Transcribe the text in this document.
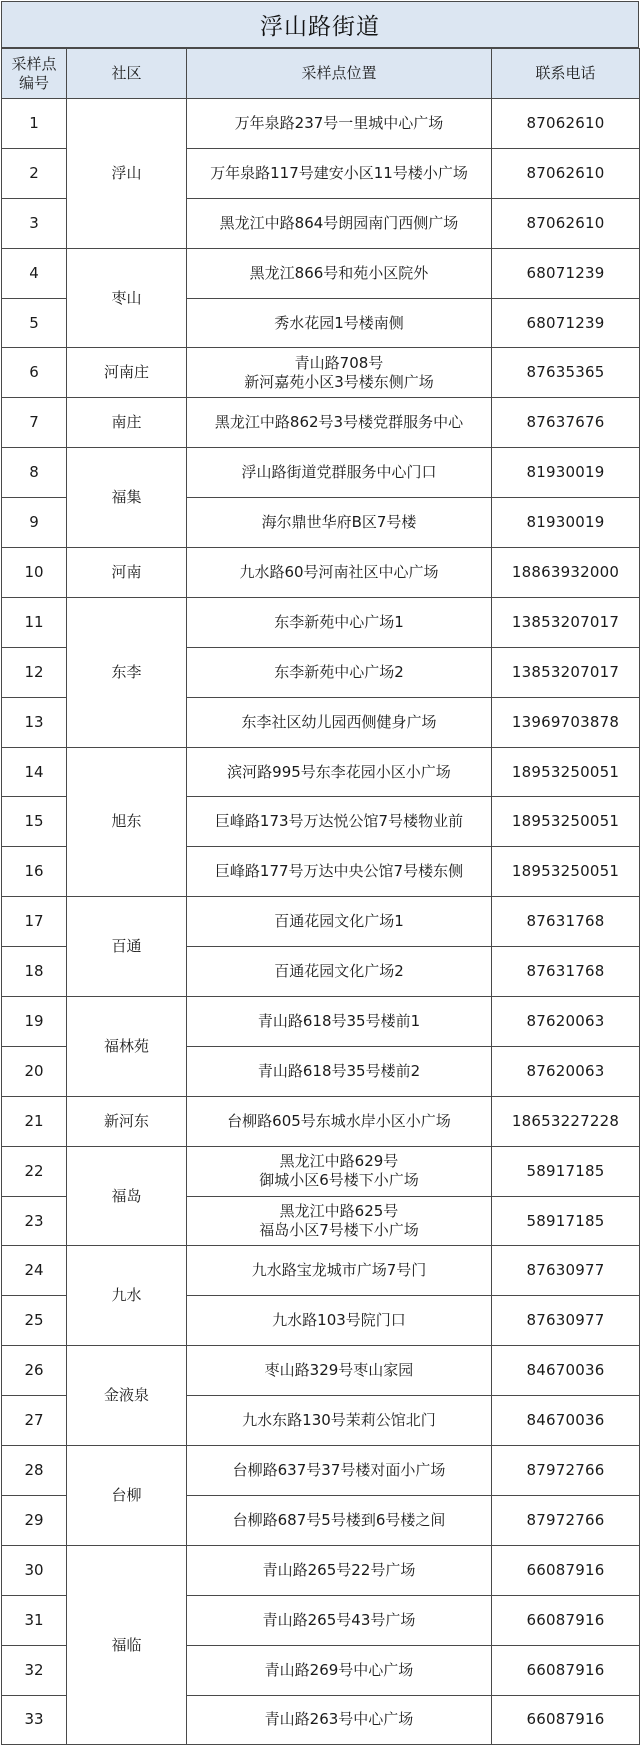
浮山路街道
采样点
编号	社区	采样点位置	联系电话
1	浮山	万年泉路237号一里城中心广场	87062610
2		万年泉路117号建安小区11号楼小广场	87062610
3		黑龙江中路864号朗园南门西侧广场	87062610
4	枣山	黑龙江866号和苑小区院外	68071239
5		秀水花园1号楼南侧	68071239
6	河南庄	青山路708号
新河嘉苑小区3号楼东侧广场	87635365
7	南庄	黑龙江中路862号3号楼党群服务中心	87637676
8	福集	浮山路街道党群服务中心门口	81930019
9		海尔鼎世华府B区7号楼	81930019
10	河南	九水路60号河南社区中心广场	18863932000
11	东李	东李新苑中心广场1	13853207017
12		东李新苑中心广场2	13853207017
13		东李社区幼儿园西侧健身广场	13969703878
14	旭东	滨河路995号东李花园小区小广场	18953250051
15		巨峰路173号万达悦公馆7号楼物业前	18953250051
16		巨峰路177号万达中央公馆7号楼东侧	18953250051
17	百通	百通花园文化广场1	87631768
18		百通花园文化广场2	87631768
19	福林苑	青山路618号35号楼前1	87620063
20		青山路618号35号楼前2	87620063
21	新河东	台柳路605号东城水岸小区小广场	18653227228
22	福岛	黑龙江中路629号
御城小区6号楼下小广场	58917185
23		黑龙江中路625号
福岛小区7号楼下小广场	58917185
24	九水	九水路宝龙城市广场7号门	87630977
25		九水路103号院门口	87630977
26	金液泉	枣山路329号枣山家园	84670036
27		九水东路130号茉莉公馆北门	84670036
28	台柳	台柳路637号37号楼对面小广场	87972766
29		台柳路687号5号楼到6号楼之间	87972766
30	福临	青山路265号22号广场	66087916
31		青山路265号43号广场	66087916
32		青山路269号中心广场	66087916
33		青山路263号中心广场	66087916
